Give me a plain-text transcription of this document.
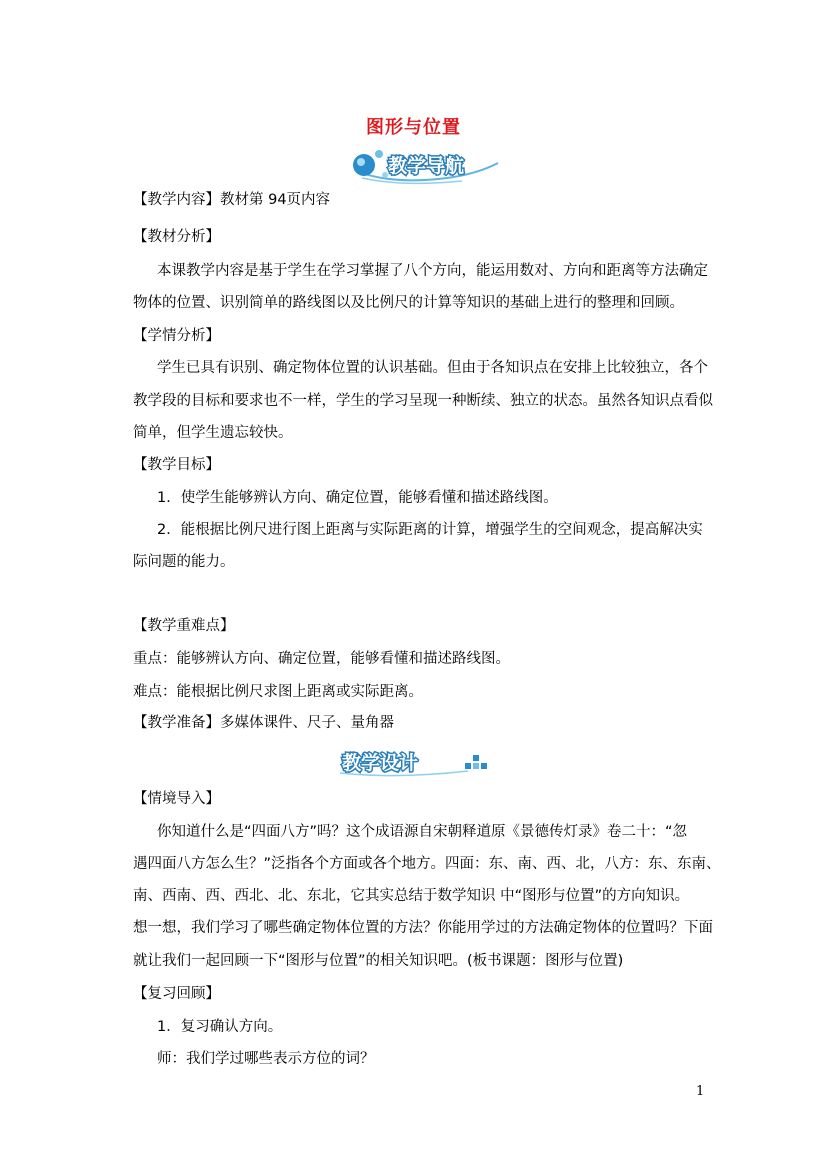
图形与位置
教学导航
教学设计
【教学内容】教材第 94页内容
【教材分析】
本课教学内容是基于学生在学习掌握了八个方向，能运用数对、方向和距离等方法确定
物体的位置、识别简单的路线图以及比例尺的计算等知识的基础上进行的整理和回顾。
【学情分析】
学生已具有识别、确定物体位置的认识基础。但由于各知识点在安排上比较独立，各个
教学段的目标和要求也不一样，学生的学习呈现一种断续、独立的状态。虽然各知识点看似
简单，但学生遗忘较快。
【教学目标】
1．使学生能够辨认方向、确定位置，能够看懂和描述路线图。
2．能根据比例尺进行图上距离与实际距离的计算，增强学生的空间观念，提高解决实
际问题的能力。
【教学重难点】
重点：能够辨认方向、确定位置，能够看懂和描述路线图。
难点：能根据比例尺求图上距离或实际距离。
【教学准备】多媒体课件、尺子、量角器
【情境导入】
你知道什么是“四面八方”吗？这个成语源自宋朝释道原《景德传灯录》卷二十：“忽
遇四面八方怎么生？”泛指各个方面或各个地方。四面：东、南、西、北，八方：东、东南、
南、西南、西、西北、北、东北，它其实总结于数学知识 中“图形与位置”的方向知识。
想一想，我们学习了哪些确定物体位置的方法？你能用学过的方法确定物体的位置吗？下面
就让我们一起回顾一下“图形与位置”的相关知识吧。(板书课题：图形与位置)
【复习回顾】
1．复习确认方向。
师：我们学过哪些表示方位的词？
1
